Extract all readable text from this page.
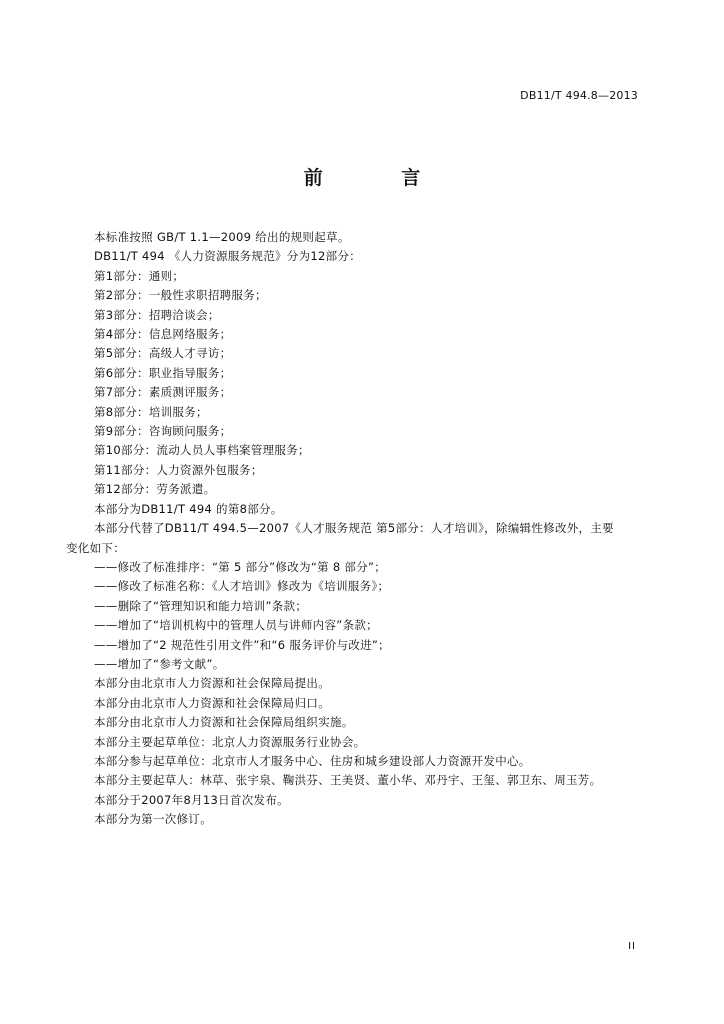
DB11/T 494.8—2013
前 言

本标准按照 GB/T 1.1—2009 给出的规则起草。

DB11/T 494 《人力资源服务规范》分为12部分：

第1部分：通则；

第2部分：一般性求职招聘服务；

第3部分：招聘洽谈会；

第4部分：信息网络服务；

第5部分：高级人才寻访；

第6部分：职业指导服务；

第7部分：素质测评服务；

第8部分：培训服务；

第9部分：咨询顾问服务；

第10部分：流动人员人事档案管理服务；

第11部分：人力资源外包服务；

第12部分：劳务派遣。

本部分为DB11/T 494 的第8部分。

本部分代替了DB11/T 494.5—2007《人才服务规范 第5部分：人才培训》，除编辑性修改外，主要

变化如下：

——修改了标准排序：“第 5 部分”修改为“第 8 部分”；

——修改了标准名称：《人才培训》修改为《培训服务》；

——删除了“管理知识和能力培训”条款；

——增加了“培训机构中的管理人员与讲师内容”条款；

——增加了“2 规范性引用文件”和“6 服务评价与改进”；

——增加了“参考文献”。

本部分由北京市人力资源和社会保障局提出。

本部分由北京市人力资源和社会保障局归口。

本部分由北京市人力资源和社会保障局组织实施。

本部分主要起草单位：北京人力资源服务行业协会。

本部分参与起草单位：北京市人才服务中心、住房和城乡建设部人力资源开发中心。

本部分主要起草人：林草、张宇泉、鞠洪芬、王美贤、董小华、邓丹宇、王玺、郭卫东、周玉芳。

本部分于2007年8月13日首次发布。

本部分为第一次修订。

II
